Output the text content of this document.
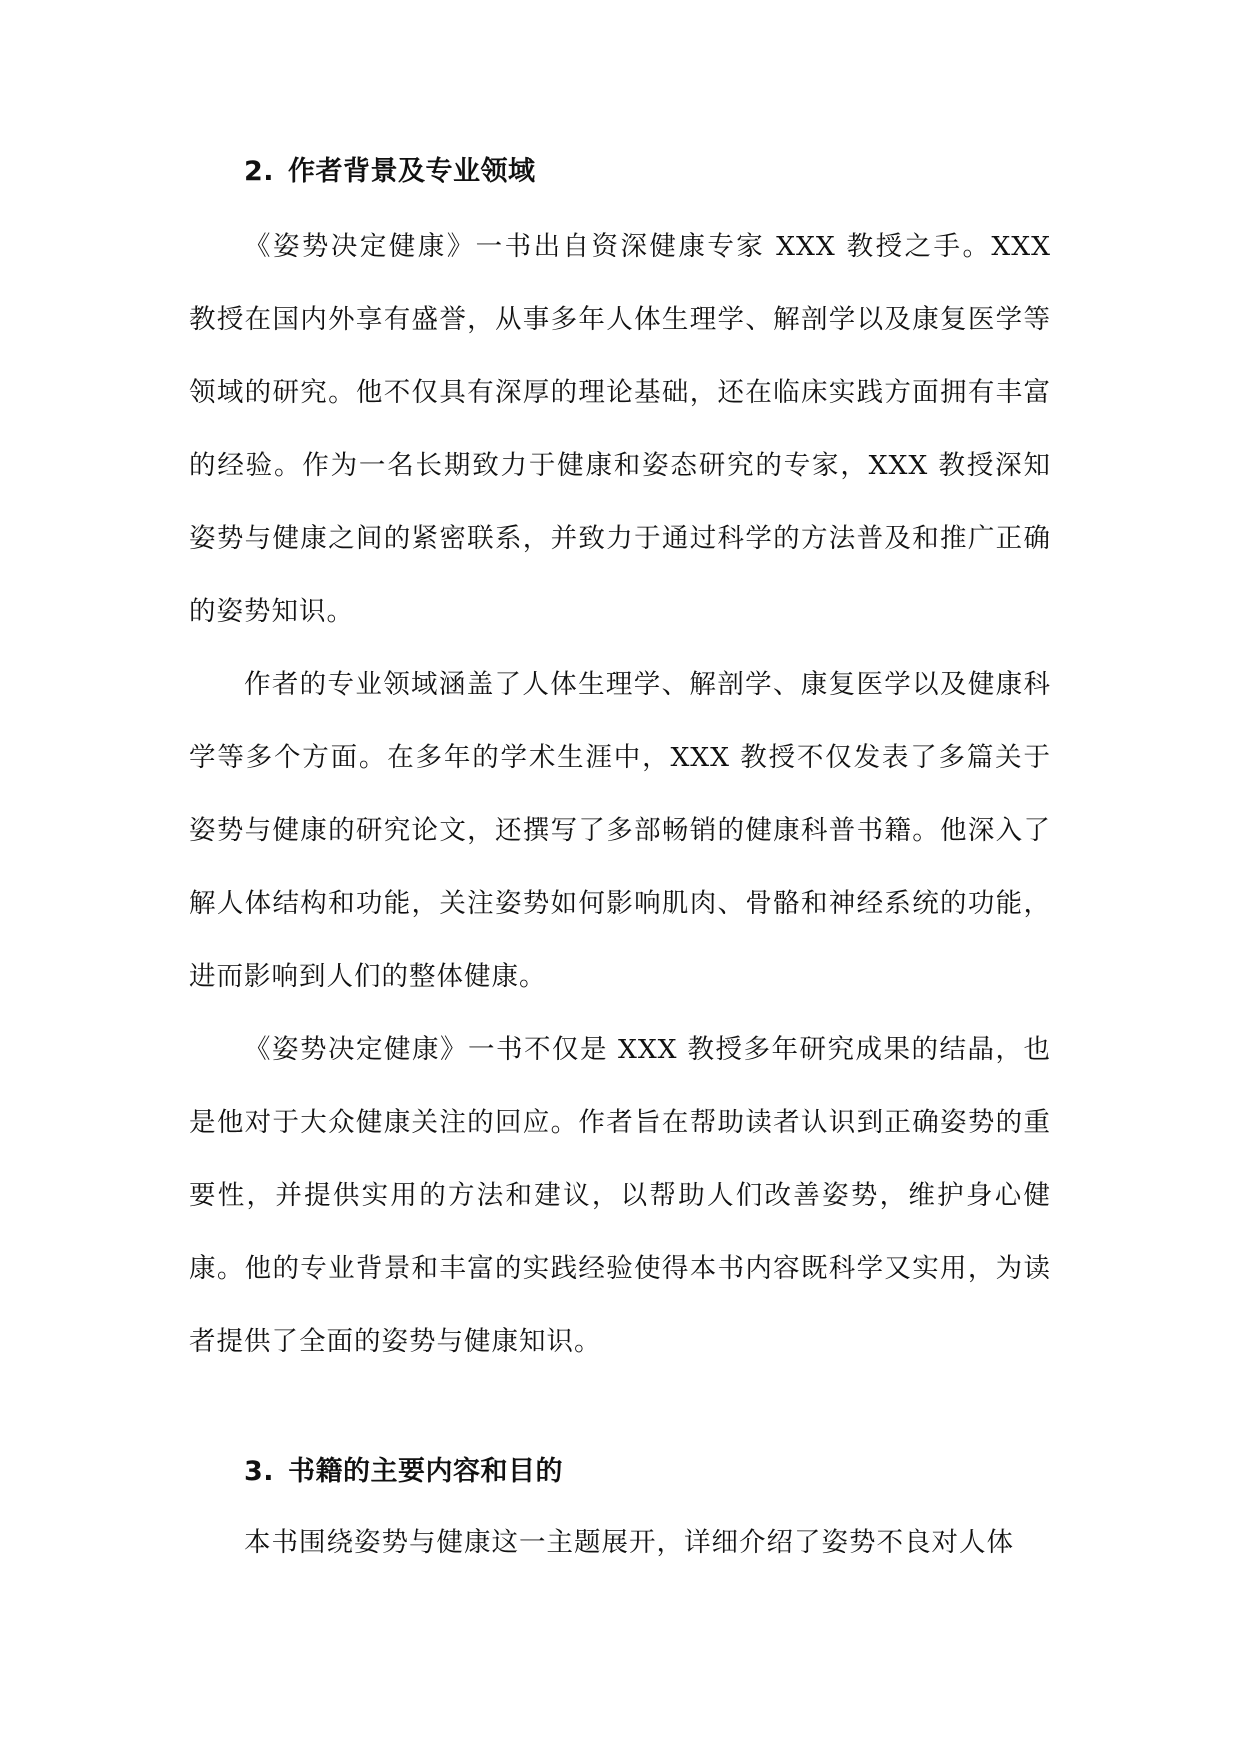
2. 作者背景及专业领域

《姿势决定健康》一书出自资深健康专家 XXX 教授之手。XXX 教授在国内外享有盛誉，从事多年人体生理学、解剖学以及康复医学等领域的研究。他不仅具有深厚的理论基础，还在临床实践方面拥有丰富的经验。作为一名长期致力于健康和姿态研究的专家，XXX 教授深知姿势与健康之间的紧密联系，并致力于通过科学的方法普及和推广正确的姿势知识。

作者的专业领域涵盖了人体生理学、解剖学、康复医学以及健康科学等多个方面。在多年的学术生涯中，XXX 教授不仅发表了多篇关于姿势与健康的研究论文，还撰写了多部畅销的健康科普书籍。他深入了解人体结构和功能，关注姿势如何影响肌肉、骨骼和神经系统的功能，进而影响到人们的整体健康。

《姿势决定健康》一书不仅是 XXX 教授多年研究成果的结晶，也是他对于大众健康关注的回应。作者旨在帮助读者认识到正确姿势的重要性，并提供实用的方法和建议，以帮助人们改善姿势，维护身心健康。他的专业背景和丰富的实践经验使得本书内容既科学又实用，为读者提供了全面的姿势与健康知识。

3. 书籍的主要内容和目的

本书围绕姿势与健康这一主题展开，详细介绍了姿势不良对人体
